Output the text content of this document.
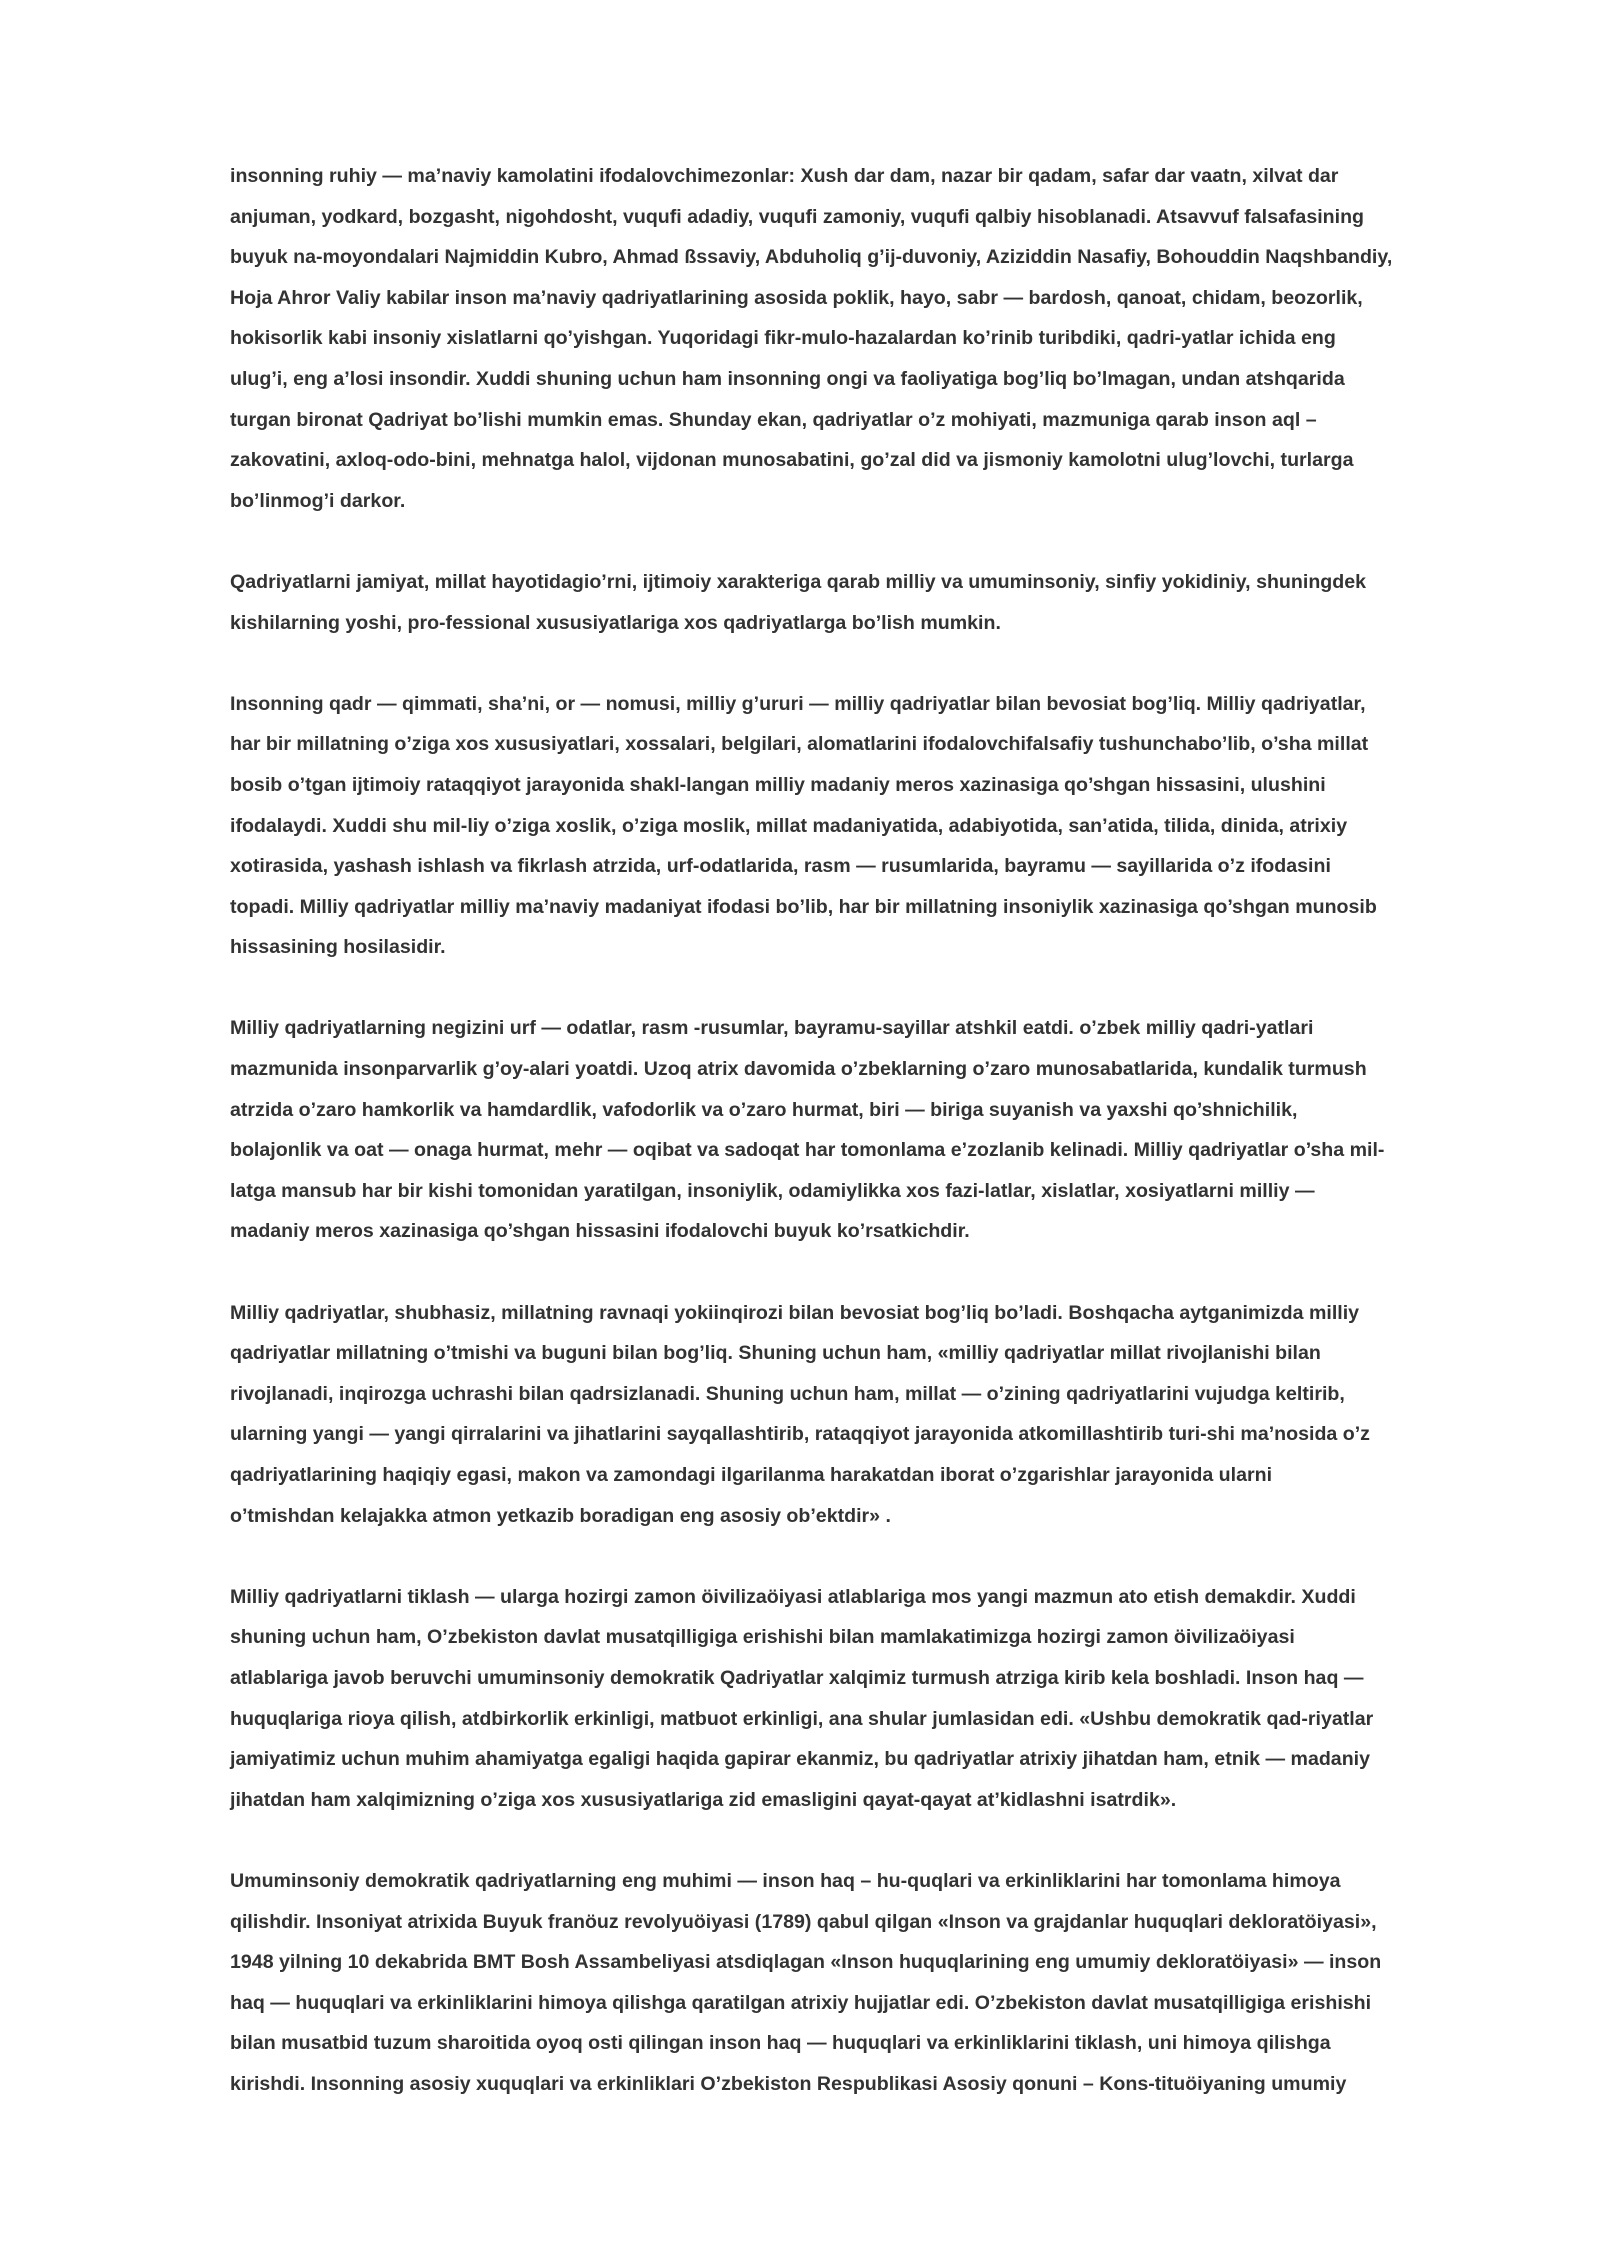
insonning ruhiy — ma’naviy kamolatini ifodalovchimezonlar: Xush dar dam, nazar bir qadam, safar dar vaatn, xilvat dar
anjuman, yodkard, bozgasht, nigohdosht, vuqufi adadiy, vuqufi zamoniy, vuqufi qalbiy hisoblanadi. Atsavvuf falsafasining
buyuk na-moyondalari Najmiddin Kubro, Ahmad ßssaviy, Abduholiq g’ij-duvoniy, Aziziddin Nasafiy, Bohouddin Naqshbandiy,
Hoja Ahror Valiy kabilar inson ma’naviy qadriyatlarining asosida poklik, hayo, sabr — bardosh, qanoat, chidam, beozorlik,
hokisorlik kabi insoniy xislatlarni qo’yishgan. Yuqoridagi fikr-mulo-hazalardan ko’rinib turibdiki, qadri-yatlar ichida eng
ulug’i, eng a’losi insondir. Xuddi shuning uchun ham insonning ongi va faoliyatiga bog’liq bo’lmagan, undan atshqarida
turgan bironat Qadriyat bo’lishi mumkin emas. Shunday ekan, qadriyatlar o’z mohiyati, mazmuniga qarab inson aql –
zakovatini, axloq-odo-bini, mehnatga halol, vijdonan munosabatini, go’zal did va jismoniy kamolotni ulug’lovchi, turlarga
bo’linmog’i darkor.
Qadriyatlarni jamiyat, millat hayotidagio’rni, ijtimoiy xarakteriga qarab milliy va umuminsoniy, sinfiy yokidiniy, shuningdek
kishilarning yoshi, pro-fessional xususiyatlariga xos qadriyatlarga bo’lish mumkin.
Insonning qadr — qimmati, sha’ni, or — nomusi, milliy g’ururi — milliy qadriyatlar bilan bevosiat bog’liq. Milliy qadriyatlar,
har bir millatning o’ziga xos xususiyatlari, xossalari, belgilari, alomatlarini ifodalovchifalsafiy tushunchabo’lib, o’sha millat
bosib o’tgan ijtimoiy rataqqiyot jarayonida shakl-langan milliy madaniy meros xazinasiga qo’shgan hissasini, ulushini
ifodalaydi. Xuddi shu mil-liy o’ziga xoslik, o’ziga moslik, millat madaniyatida, adabiyotida, san’atida, tilida, dinida, atrixiy
xotirasida, yashash ishlash va fikrlash atrzida, urf-odatlarida, rasm — rusumlarida, bayramu — sayillarida o’z ifodasini
topadi. Milliy qadriyatlar milliy ma’naviy madaniyat ifodasi bo’lib, har bir millatning insoniylik xazinasiga qo’shgan munosib
hissasining hosilasidir.
Milliy qadriyatlarning negizini urf — odatlar, rasm -rusumlar, bayramu-sayillar atshkil eatdi. o’zbek milliy qadri-yatlari
mazmunida insonparvarlik g’oy-alari yoatdi. Uzoq atrix davomida o’zbeklarning o’zaro munosabatlarida, kundalik turmush
atrzida o’zaro hamkorlik va hamdardlik, vafodorlik va o’zaro hurmat, biri — biriga suyanish va yaxshi qo’shnichilik,
bolajonlik va oat — onaga hurmat, mehr — oqibat va sadoqat har tomonlama e’zozlanib kelinadi. Milliy qadriyatlar o’sha mil-
latga mansub har bir kishi tomonidan yaratilgan, insoniylik, odamiylikka xos fazi-latlar, xislatlar, xosiyatlarni milliy —
madaniy meros xazinasiga qo’shgan hissasini ifodalovchi buyuk ko’rsatkichdir.
Milliy qadriyatlar, shubhasiz, millatning ravnaqi yokiinqirozi bilan bevosiat bog’liq bo’ladi. Boshqacha aytganimizda milliy
qadriyatlar millatning o’tmishi va buguni bilan bog’liq. Shuning uchun ham, «milliy qadriyatlar millat rivojlanishi bilan
rivojlanadi, inqirozga uchrashi bilan qadrsizlanadi. Shuning uchun ham, millat — o’zining qadriyatlarini vujudga keltirib,
ularning yangi — yangi qirralarini va jihatlarini sayqallashtirib, rataqqiyot jarayonida atkomillashtirib turi-shi ma’nosida o’z
qadriyatlarining haqiqiy egasi, makon va zamondagi ilgarilanma harakatdan iborat o’zgarishlar jarayonida ularni
o’tmishdan kelajakka atmon yetkazib boradigan eng asosiy ob’ektdir» .
Milliy qadriyatlarni tiklash — ularga hozirgi zamon öivilizaöiyasi atlablariga mos yangi mazmun ato etish demakdir. Xuddi
shuning uchun ham, O’zbekiston davlat musatqilligiga erishishi bilan mamlakatimizga hozirgi zamon öivilizaöiyasi
atlablariga javob beruvchi umuminsoniy demokratik Qadriyatlar xalqimiz turmush atrziga kirib kela boshladi. Inson haq —
huquqlariga rioya qilish, atdbirkorlik erkinligi, matbuot erkinligi, ana shular jumlasidan edi. «Ushbu demokratik qad-riyatlar
jamiyatimiz uchun muhim ahamiyatga egaligi haqida gapirar ekanmiz, bu qadriyatlar atrixiy jihatdan ham, etnik — madaniy
jihatdan ham xalqimizning o’ziga xos xususiyatlariga zid emasligini qayat-qayat at’kidlashni isatrdik».
Umuminsoniy demokratik qadriyatlarning eng muhimi — inson haq – hu-quqlari va erkinliklarini har tomonlama himoya
qilishdir. Insoniyat atrixida Buyuk franöuz revolyuöiyasi (1789) qabul qilgan «Inson va grajdanlar huquqlari dekloratöiyasi»,
1948 yilning 10 dekabrida BMT Bosh Assambeliyasi atsdiqlagan «Inson huquqlarining eng umumiy dekloratöiyasi» — inson
haq — huquqlari va erkinliklarini himoya qilishga qaratilgan atrixiy hujjatlar edi. O’zbekiston davlat musatqilligiga erishishi
bilan musatbid tuzum sharoitida oyoq osti qilingan inson haq — huquqlari va erkinliklarini tiklash, uni himoya qilishga
kirishdi. Insonning asosiy xuquqlari va erkinliklari O’zbekiston Respublikasi Asosiy qonuni – Kons-tituöiyaning umumiy
